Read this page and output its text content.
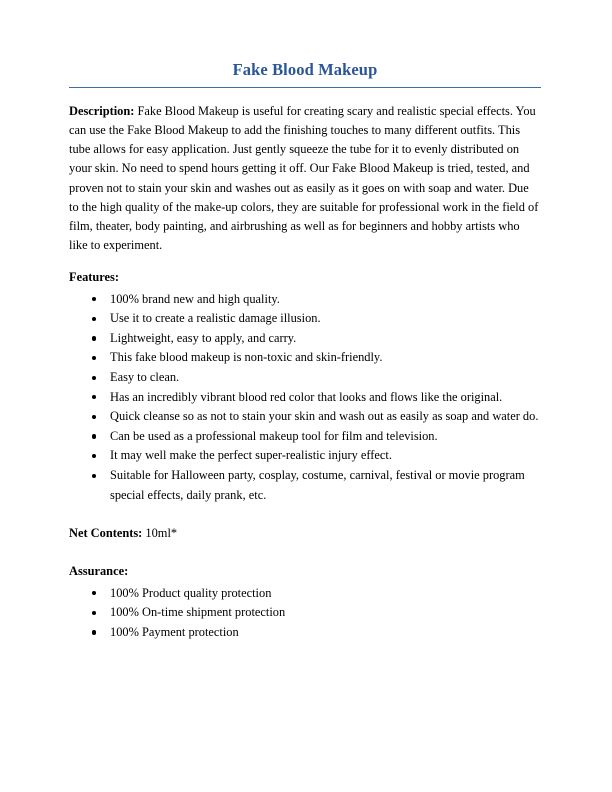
Fake Blood Makeup

Description: Fake Blood Makeup is useful for creating scary and realistic special effects. You can use the Fake Blood Makeup to add the finishing touches to many different outfits. This tube allows for easy application. Just gently squeeze the tube for it to evenly distributed on your skin. No need to spend hours getting it off. Our Fake Blood Makeup is tried, tested, and proven not to stain your skin and washes out as easily as it goes on with soap and water. Due to the high quality of the make-up colors, they are suitable for professional work in the field of film, theater, body painting, and airbrushing as well as for beginners and hobby artists who like to experiment.

Features:

100% brand new and high quality.
Use it to create a realistic damage illusion.
Lightweight, easy to apply, and carry.
This fake blood makeup is non-toxic and skin-friendly.
Easy to clean.
Has an incredibly vibrant blood red color that looks and flows like the original.
Quick cleanse so as not to stain your skin and wash out as easily as soap and water do.
Can be used as a professional makeup tool for film and television.
It may well make the perfect super-realistic injury effect.
Suitable for Halloween party, cosplay, costume, carnival, festival or movie program special effects, daily prank, etc.

Net Contents: 10ml*

Assurance:

100% Product quality protection
100% On-time shipment protection
100% Payment protection
